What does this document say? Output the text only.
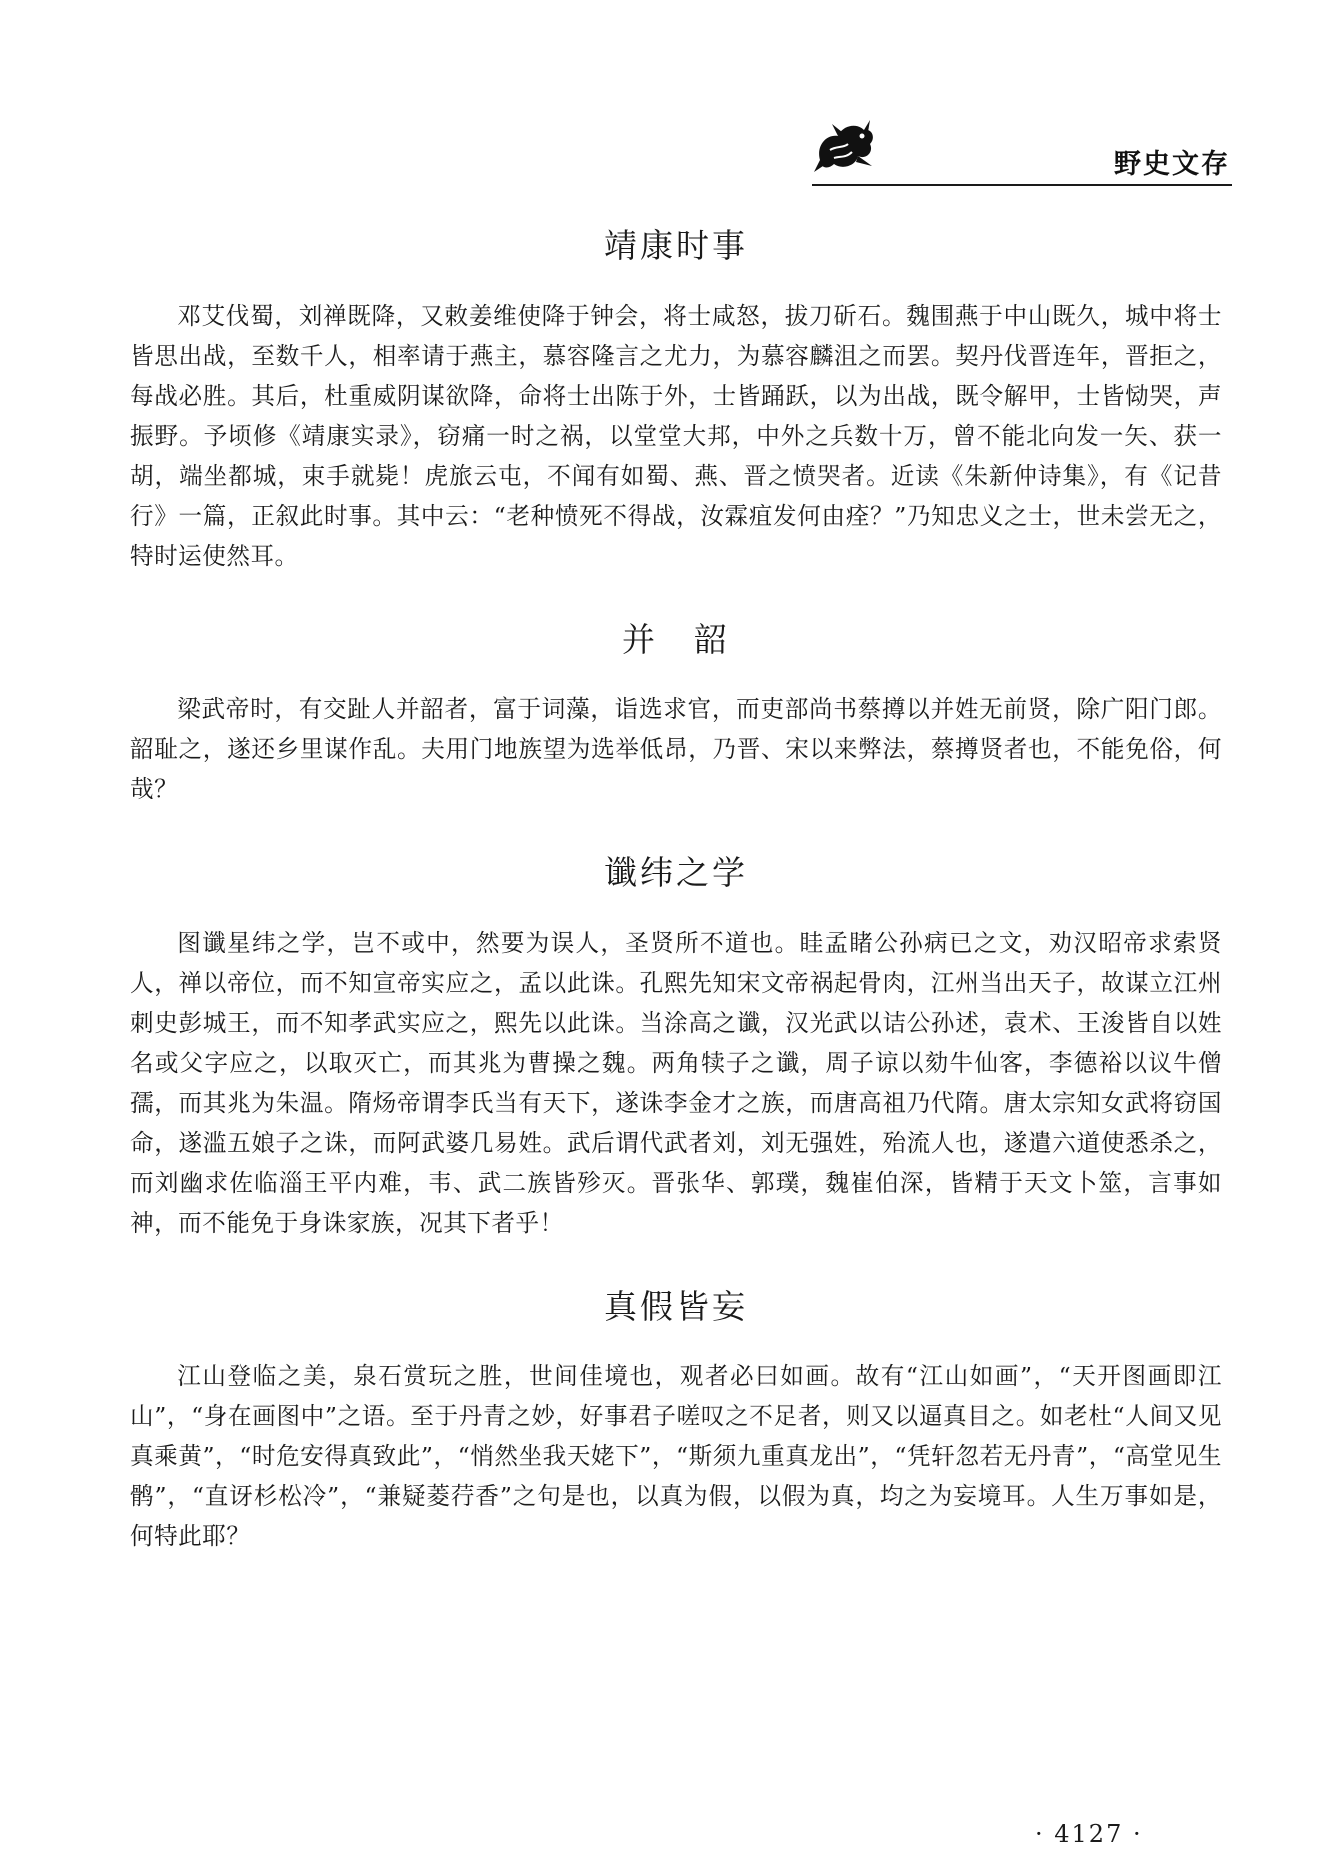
野史文存
靖康时事

邓艾伐蜀，刘禅既降，又敕姜维使降于钟会，将士咸怒，拔刀斫石。魏围燕于中山既久，城中将士皆思出战，至数千人，相率请于燕主，慕容隆言之尤力，为慕容麟沮之而罢。契丹伐晋连年，晋拒之，每战必胜。其后，杜重威阴谋欲降，命将士出陈于外，士皆踊跃，以为出战，既令解甲，士皆恸哭，声振野。予顷修《靖康实录》，窃痛一时之祸，以堂堂大邦，中外之兵数十万，曾不能北向发一矢、获一胡，端坐都城，束手就毙！虎旅云屯，不闻有如蜀、燕、晋之愤哭者。近读《朱新仲诗集》，有《记昔行》一篇，正叙此时事。其中云：“老种愤死不得战，汝霖疽发何由痊？”乃知忠义之士，世未尝无之，特时运使然耳。

并　韶

梁武帝时，有交趾人并韶者，富于词藻，诣选求官，而吏部尚书蔡撙以并姓无前贤，除广阳门郎。韶耻之，遂还乡里谋作乱。夫用门地族望为选举低昂，乃晋、宋以来弊法，蔡撙贤者也，不能免俗，何哉？

谶纬之学

图谶星纬之学，岂不或中，然要为误人，圣贤所不道也。眭孟睹公孙病已之文，劝汉昭帝求索贤人，禅以帝位，而不知宣帝实应之，孟以此诛。孔熙先知宋文帝祸起骨肉，江州当出天子，故谋立江州刺史彭城王，而不知孝武实应之，熙先以此诛。当涂高之谶，汉光武以诘公孙述，袁术、王浚皆自以姓名或父字应之，以取灭亡，而其兆为曹操之魏。两角犊子之谶，周子谅以劾牛仙客，李德裕以议牛僧孺，而其兆为朱温。隋炀帝谓李氏当有天下，遂诛李金才之族，而唐高祖乃代隋。唐太宗知女武将窃国命，遂滥五娘子之诛，而阿武婆几易姓。武后谓代武者刘，刘无强姓，殆流人也，遂遣六道使悉杀之，而刘幽求佐临淄王平内难，韦、武二族皆殄灭。晋张华、郭璞，魏崔伯深，皆精于天文卜筮，言事如神，而不能免于身诛家族，况其下者乎！

真假皆妄

江山登临之美，泉石赏玩之胜，世间佳境也，观者必曰如画。故有“江山如画”，“天开图画即江山”，“身在画图中”之语。至于丹青之妙，好事君子嗟叹之不足者，则又以逼真目之。如老杜“人间又见真乘黄”，“时危安得真致此”，“悄然坐我天姥下”，“斯须九重真龙出”，“凭轩忽若无丹青”，“高堂见生鹘”，“直讶杉松冷”，“兼疑菱荇香”之句是也，以真为假，以假为真，均之为妄境耳。人生万事如是，何特此耶？

· 4127 ·
